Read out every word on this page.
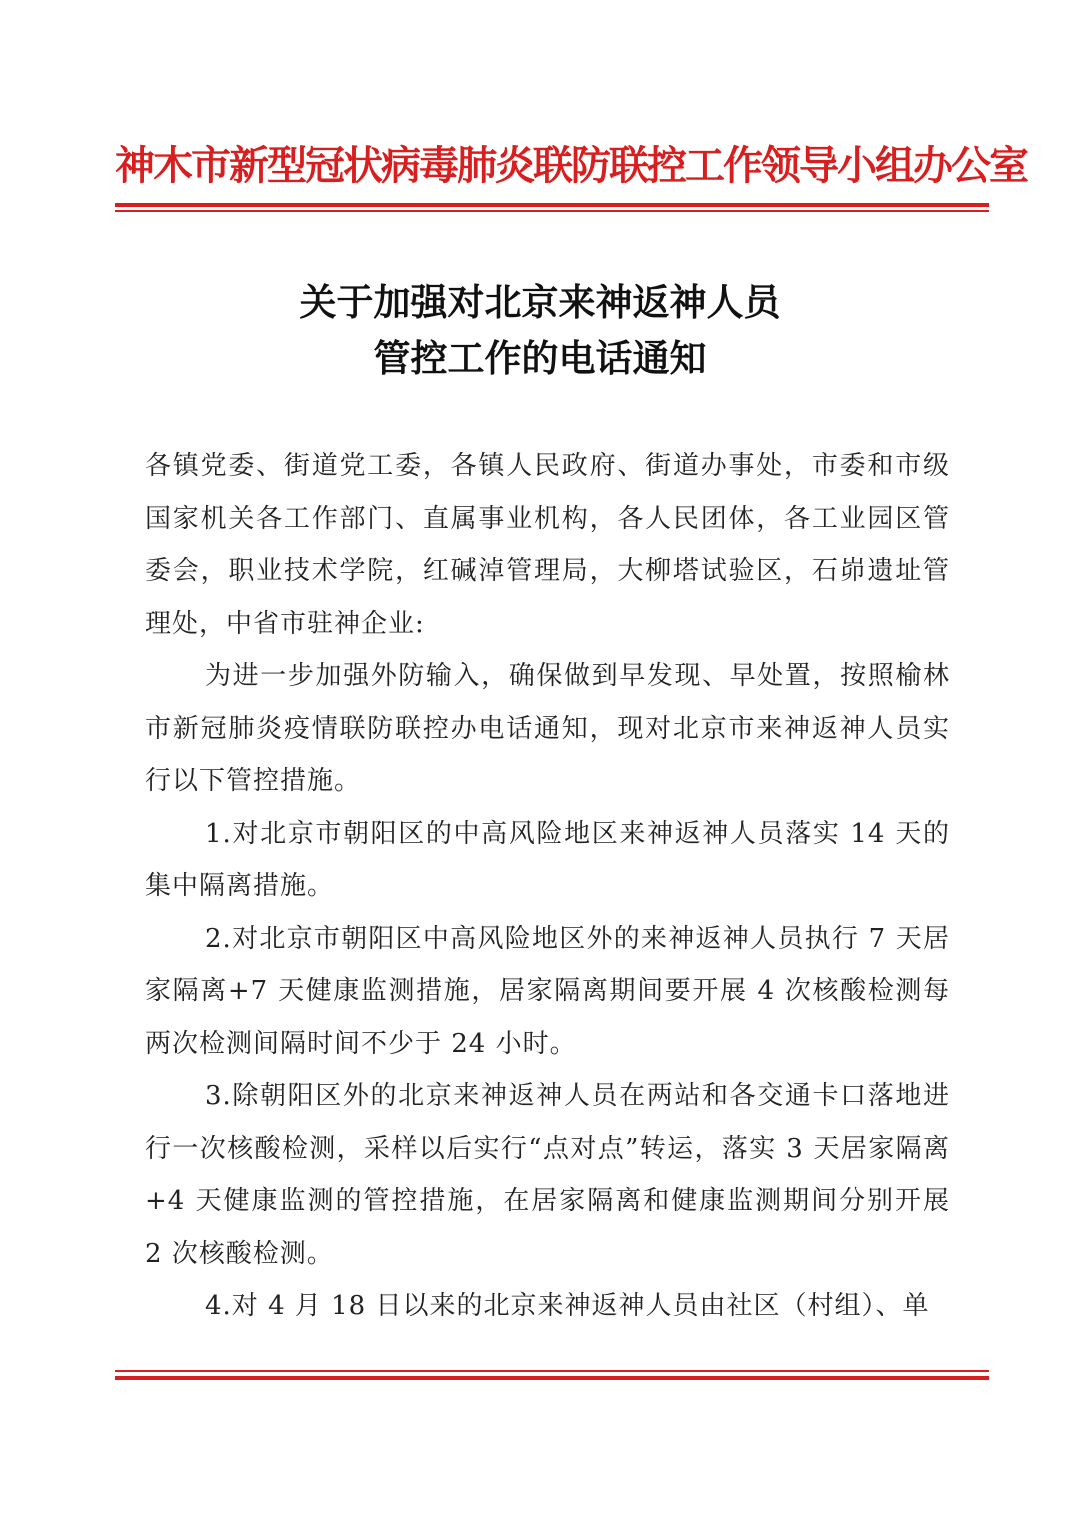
神木市新型冠状病毒肺炎联防联控工作领导小组办公室
关于加强对北京来神返神人员
管控工作的电话通知

各镇党委、街道党工委，各镇人民政府、街道办事处，市委和市级国家机关各工作部门、直属事业机构，各人民团体，各工业园区管委会，职业技术学院，红碱淖管理局，大柳塔试验区，石峁遗址管理处，中省市驻神企业:

为进一步加强外防输入，确保做到早发现、早处置，按照榆林市新冠肺炎疫情联防联控办电话通知，现对北京市来神返神人员实行以下管控措施。

1.对北京市朝阳区的中高风险地区来神返神人员落实 14 天的集中隔离措施。

2.对北京市朝阳区中高风险地区外的来神返神人员执行 7 天居家隔离+7 天健康监测措施，居家隔离期间要开展 4 次核酸检测每两次检测间隔时间不少于 24 小时。

3.除朝阳区外的北京来神返神人员在两站和各交通卡口落地进行一次核酸检测，采样以后实行“点对点”转运，落实 3 天居家隔离+4 天健康监测的管控措施，在居家隔离和健康监测期间分别开展 2 次核酸检测。

4.对 4 月 18 日以来的北京来神返神人员由社区（村组）、单
